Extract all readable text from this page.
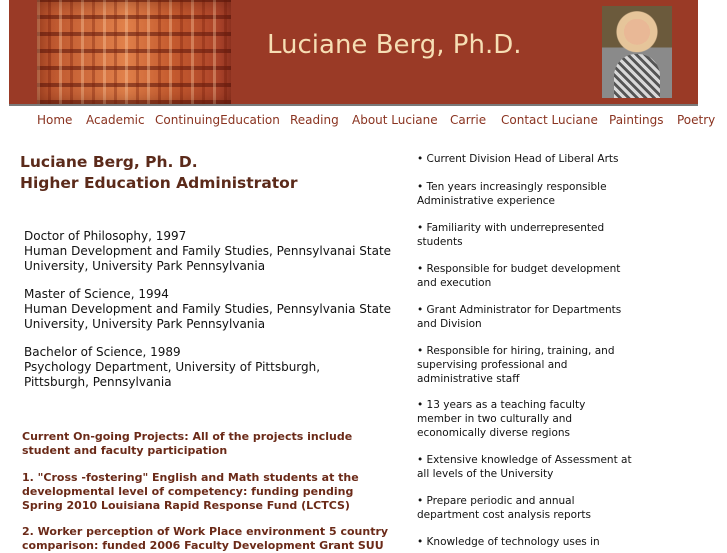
Luciane Berg, Ph.D.
Home Academic ContinuingEducation Reading About Luciane Carrie Contact Luciane Paintings Poetry
Luciane Berg, Ph. D.
Higher Education Administrator
Doctor of Philosophy, 1997
Human Development and Family Studies, Pennsylvanai State
University, University Park Pennsylvania
Master of Science, 1994
Human Development and Family Studies, Pennsylvania State
University, University Park Pennsylvania
Bachelor of Science, 1989
Psychology Department, University of Pittsburgh,
Pittsburgh, Pennsylvania
Current On-going Projects: All of the projects include
student and faculty participation
1. "Cross -fostering" English and Math students at the
developmental level of competency: funding pending
Spring 2010 Louisiana Rapid Response Fund (LCTCS)
2. Worker perception of Work Place environment 5 country
comparison: funded 2006 Faculty Development Grant SUU
• Current Division Head of Liberal Arts
• Ten years increasingly responsible
Administrative experience
• Familiarity with underrepresented
students
• Responsible for budget development
and execution
• Grant Administrator for Departments
and Division
• Responsible for hiring, training, and
supervising professional and
administrative staff
• 13 years as a teaching faculty
member in two culturally and
economically diverse regions
• Extensive knowledge of Assessment at
all levels of the University
• Prepare periodic and annual
department cost analysis reports
• Knowledge of technology uses in
